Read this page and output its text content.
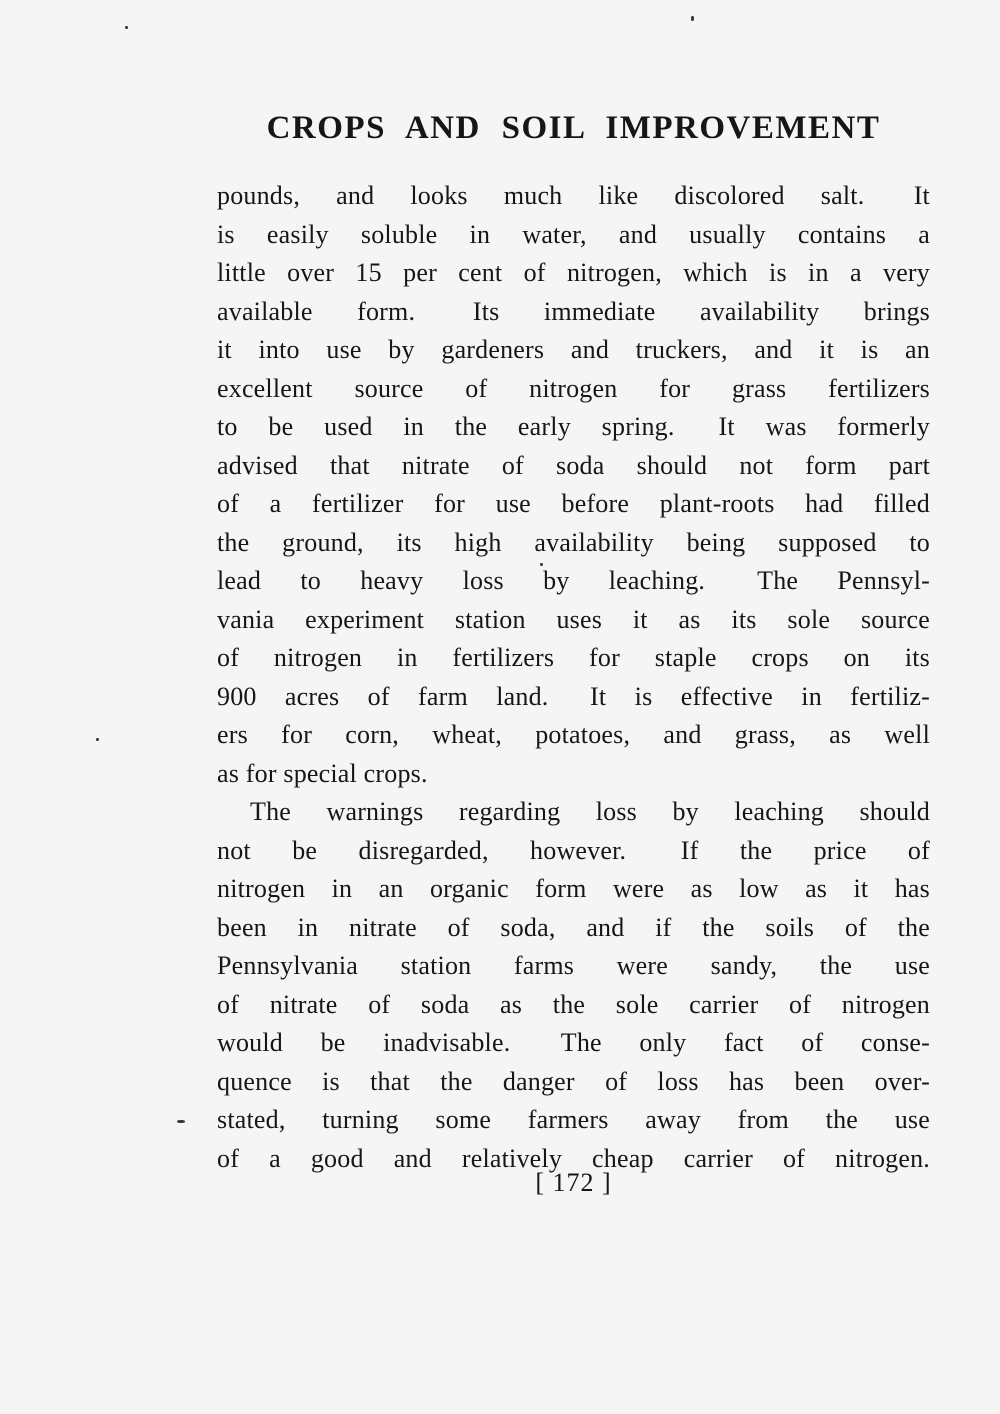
CROPS AND SOIL IMPROVEMENT

pounds, and looks much like discolored salt.  It
is easily soluble in water, and usually contains a
little over 15 per cent of nitrogen, which is in a very
available form.  Its immediate availability brings
it into use by gardeners and truckers, and it is an
excellent source of nitrogen for grass fertilizers
to be used in the early spring.  It was formerly
advised that nitrate of soda should not form part
of a fertilizer for use before plant-roots had filled
the ground, its high availability being supposed to
lead to heavy loss by leaching.  The Pennsyl-
vania experiment station uses it as its sole source
of nitrogen in fertilizers for staple crops on its
900 acres of farm land.  It is effective in fertiliz-
ers for corn, wheat, potatoes, and grass, as well
as for special crops.

The warnings regarding loss by leaching should
not be disregarded, however.  If the price of
nitrogen in an organic form were as low as it has
been in nitrate of soda, and if the soils of the
Pennsylvania station farms were sandy, the use
of nitrate of soda as the sole carrier of nitrogen
would be inadvisable.  The only fact of conse-
quence is that the danger of loss has been over-
stated, turning some farmers away from the use
of a good and relatively cheap carrier of nitrogen.

[ 172 ]
